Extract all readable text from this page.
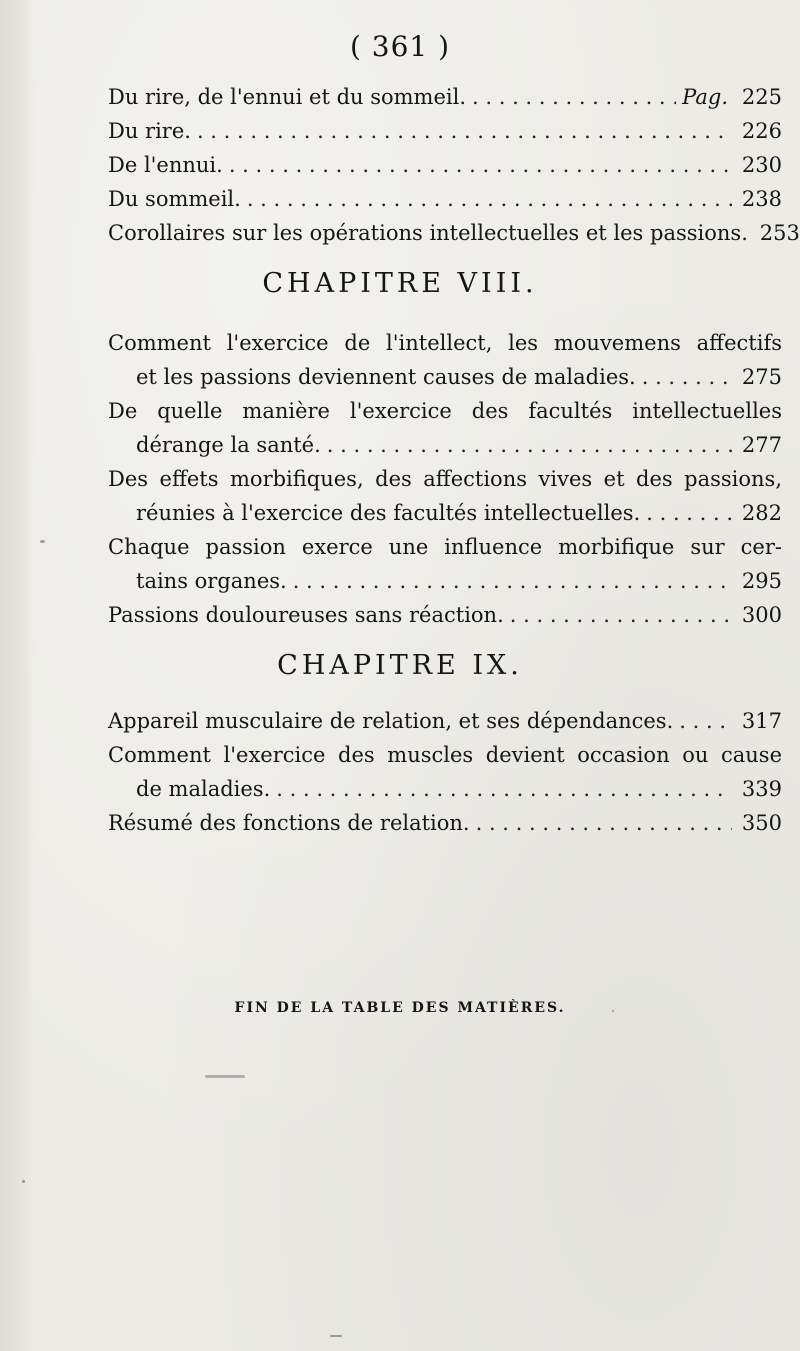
( 361 )
Du rire, de l'ennui et du sommeil. . . .	Pag. 225
Du rire. . . .	226
De l'ennui. . . .	230
Du sommeil. . . .	238
Corollaires sur les opérations intellectuelles et les passions. 253
CHAPITRE VIII.
Comment l'exercice de l'intellect, les mouvemens affectifs
et les passions deviennent causes de maladies. . . .	275
De quelle manière l'exercice des facultés intellectuelles
dérange la santé. . . .	277
Des effets morbifiques, des affections vives et des passions,
réunies à l'exercice des facultés intellectuelles. . . .	282
Chaque passion exerce une influence morbifique sur cer-
tains organes. . . .	295
Passions douloureuses sans réaction. . . .	300
CHAPITRE IX.
Appareil musculaire de relation, et ses dépendances. . . .	317
Comment l'exercice des muscles devient occasion ou cause
de maladies. . . .	339
Résumé des fonctions de relation. . . .	350
FIN DE LA TABLE DES MATIÈRES.
